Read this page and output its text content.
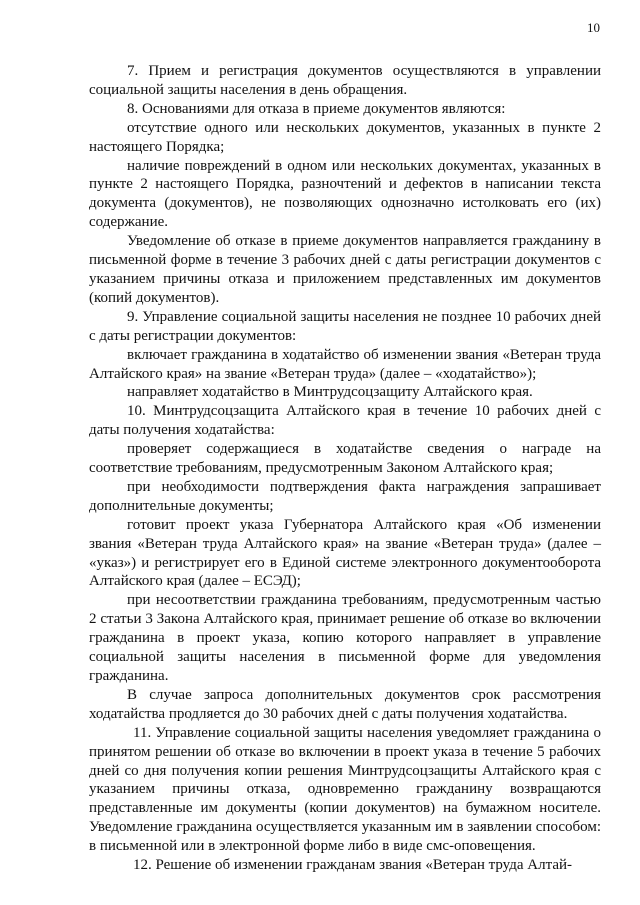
10

7. Прием и регистрация документов осуществляются в управлении социальной защиты населения в день обращения.

8. Основаниями для отказа в приеме документов являются:

отсутствие одного или нескольких документов, указанных в пункте 2 настоящего Порядка;

наличие повреждений в одном или нескольких документах, указанных в пункте 2 настоящего Порядка, разночтений и дефектов в написании текста документа (документов), не позволяющих однозначно истолковать его (их) содержание.

Уведомление об отказе в приеме документов направляется гражданину в письменной форме в течение 3 рабочих дней с даты регистрации документов с указанием причины отказа и приложением представленных им документов (копий документов).

9. Управление социальной защиты населения не позднее 10 рабочих дней с даты регистрации документов:

включает гражданина в ходатайство об изменении звания «Ветеран труда Алтайского края» на звание «Ветеран труда» (далее – «ходатайство»);

направляет ходатайство в Минтрудсоцзащиту Алтайского края.

10. Минтрудсоцзащита Алтайского края в течение 10 рабочих дней с даты получения ходатайства:

проверяет содержащиеся в ходатайстве сведения о награде на соответствие требованиям, предусмотренным Законом Алтайского края;

при необходимости подтверждения факта награждения запрашивает дополнительные документы;

готовит проект указа Губернатора Алтайского края «Об изменении звания «Ветеран труда Алтайского края» на звание «Ветеран труда» (далее – «указ») и регистрирует его в Единой системе электронного документооборота Алтайского края (далее – ЕСЭД);

при несоответствии гражданина требованиям, предусмотренным частью 2 статьи 3 Закона Алтайского края, принимает решение об отказе во включении гражданина в проект указа, копию которого направляет в управление социальной защиты населения в письменной форме для уведомления гражданина.

В случае запроса дополнительных документов срок рассмотрения ходатайства продляется до 30 рабочих дней с даты получения ходатайства.

11. Управление социальной защиты населения уведомляет гражданина о принятом решении об отказе во включении в проект указа в течение 5 рабочих дней со дня получения копии решения Минтрудсоцзащиты Алтайского края с указанием причины отказа, одновременно гражданину возвращаются представленные им документы (копии документов) на бумажном носителе. Уведомление гражданина осуществляется указанным им в заявлении способом: в письменной или в электронной форме либо в виде смс-оповещения.

12. Решение об изменении гражданам звания «Ветеран труда Алтай-
